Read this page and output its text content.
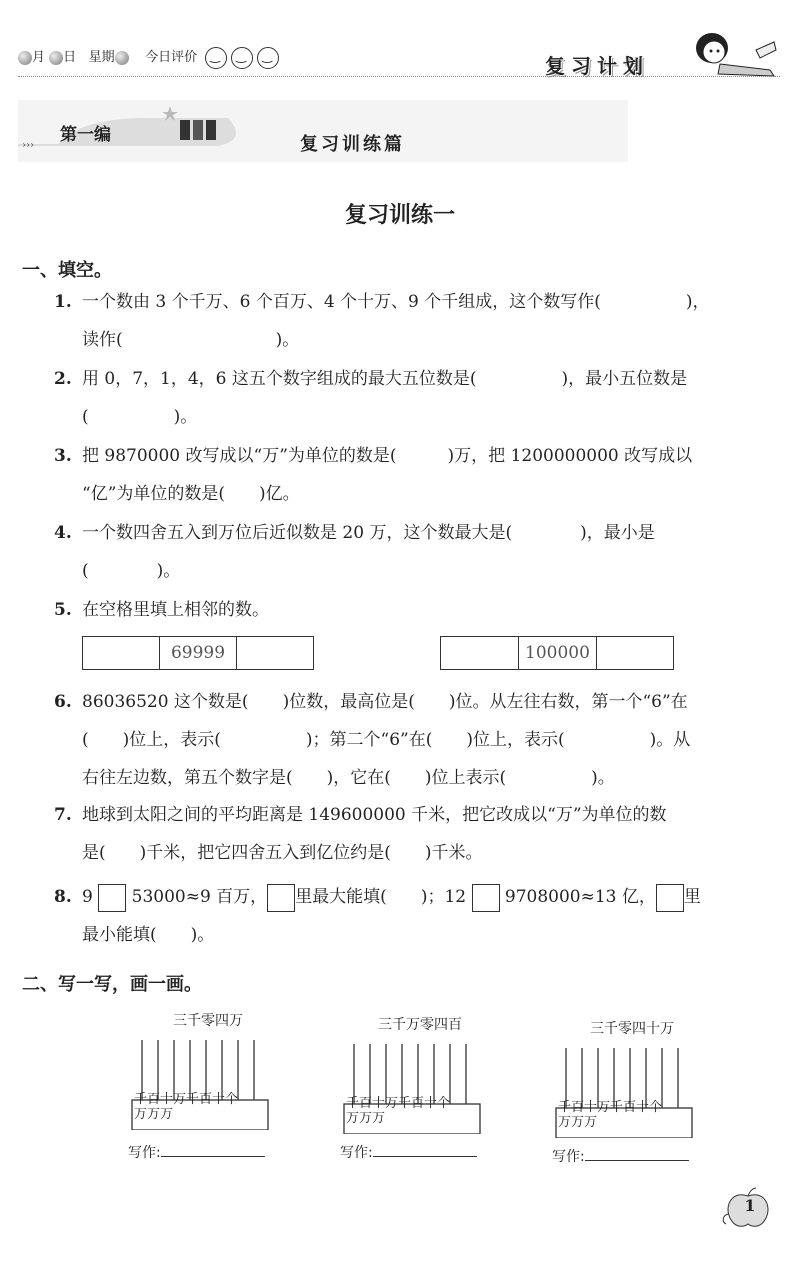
月 日 星期 今日评价 ‿ ‿ ‿	复习计划
›››
第一编	复习训练篇
复习训练一
一、填空。
1. 一个数由 3 个千万、6 个百万、4 个十万、9 个千组成，这个数写作(　　　　　)，
读作(　　　　　　　　　)。
2. 用 0，7，1，4，6 这五个数字组成的最大五位数是(　　　　　)，最小五位数是
(　　　　　)。
3. 把 9870000 改写成以“万”为单位的数是(　　　)万，把 1200000000 改写成以
“亿”为单位的数是(　　)亿。
4. 一个数四舍五入到万位后近似数是 20 万，这个数最大是(　　　　)，最小是
(　　　　)。
5. 在空格里填上相邻的数。
69999	100000
6. 86036520 这个数是(　　)位数，最高位是(　　)位。从左往右数，第一个“6”在
(　　)位上，表示(　　　　　)；第二个“6”在(　　)位上，表示(　　　　　)。从
右往左边数，第五个数字是(　　)，它在(　　)位上表示(　　　　　)。
7. 地球到太阳之间的平均距离是 149600000 千米，把它改成以“万”为单位的数
是(　　)千米，把它四舍五入到亿位约是(　　)千米。
8. 9 53000≈9 百万， 里最大能填(　　)；12 9708000≈13 亿， 里
最小能填(　　)。
二、写一写，画一画。
三千零四万
千百十万千百十个
万万万
写作:
三千万零四百
千百十万千百十个
万万万
写作:
三千零四十万
千百十万千百十个
万万万
写作:
1
